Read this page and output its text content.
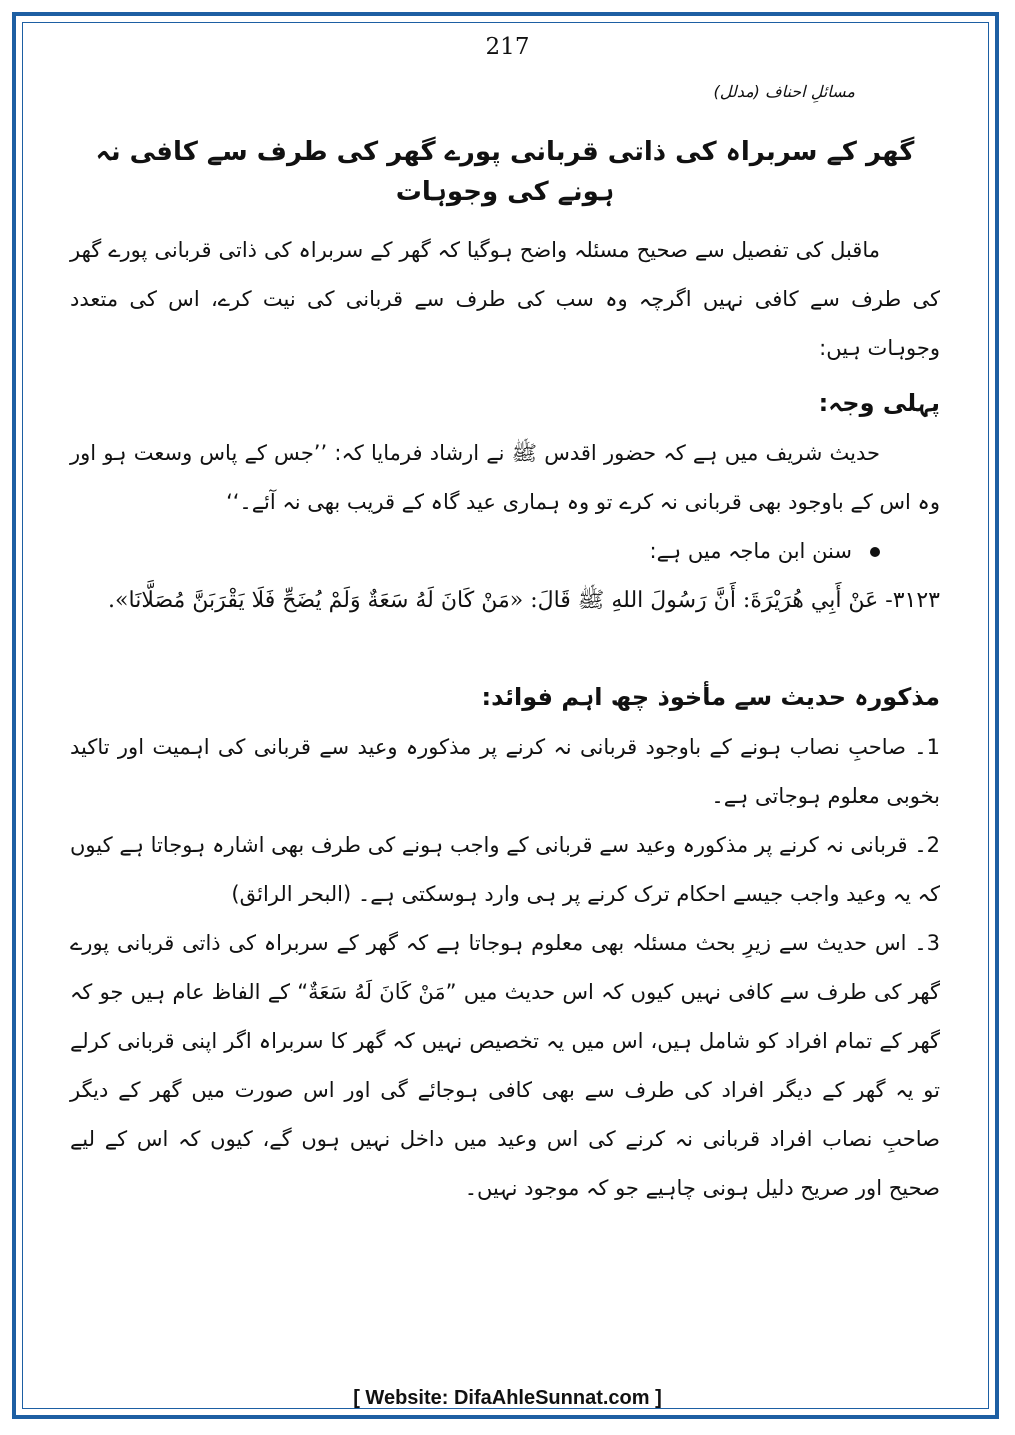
217
مسائلِ احناف (مدلل)
گھر کے سربراہ کی ذاتی قربانی پورے گھر کی طرف سے کافی نہ ہونے کی وجوہات

ماقبل کی تفصیل سے صحیح مسئلہ واضح ہوگیا کہ گھر کے سربراہ کی ذاتی قربانی پورے گھر کی طرف سے کافی نہیں اگرچہ وہ سب کی طرف سے قربانی کی نیت کرے، اس کی متعدد وجوہات ہیں:

پہلی وجہ:

حدیث شریف میں ہے کہ حضور اقدس ﷺ نے ارشاد فرمایا کہ: ’’جس کے پاس وسعت ہو اور وہ اس کے باوجود بھی قربانی نہ کرے تو وہ ہماری عید گاہ کے قریب بھی نہ آئے۔‘‘

سنن ابن ماجہ میں ہے:

٣١٢٣- عَنْ أَبِي هُرَيْرَةَ: أَنَّ رَسُولَ اللهِ ﷺ قَالَ: «مَنْ كَانَ لَهُ سَعَةٌ وَلَمْ يُضَحِّ فَلَا يَقْرَبَنَّ مُصَلَّانَا».

مذکورہ حدیث سے مأخوذ چھ اہم فوائد:

1۔ صاحبِ نصاب ہونے کے باوجود قربانی نہ کرنے پر مذکورہ وعید سے قربانی کی اہمیت اور تاکید بخوبی معلوم ہوجاتی ہے۔

2۔ قربانی نہ کرنے پر مذکورہ وعید سے قربانی کے واجب ہونے کی طرف بھی اشارہ ہوجاتا ہے کیوں کہ یہ وعید واجب جیسے احکام ترک کرنے پر ہی وارد ہوسکتی ہے۔ (البحر الرائق)

3۔ اس حدیث سے زیرِ بحث مسئلہ بھی معلوم ہوجاتا ہے کہ گھر کے سربراہ کی ذاتی قربانی پورے گھر کی طرف سے کافی نہیں کیوں کہ اس حدیث میں ”مَنْ كَانَ لَهُ سَعَةٌ“ کے الفاظ عام ہیں جو کہ گھر کے تمام افراد کو شامل ہیں، اس میں یہ تخصیص نہیں کہ گھر کا سربراہ اگر اپنی قربانی کرلے تو یہ گھر کے دیگر افراد کی طرف سے بھی کافی ہوجائے گی اور اس صورت میں گھر کے دیگر صاحبِ نصاب افراد قربانی نہ کرنے کی اس وعید میں داخل نہیں ہوں گے، کیوں کہ اس کے لیے صحیح اور صریح دلیل ہونی چاہیے جو کہ موجود نہیں۔

[ Website: DifaAhleSunnat.com ]
